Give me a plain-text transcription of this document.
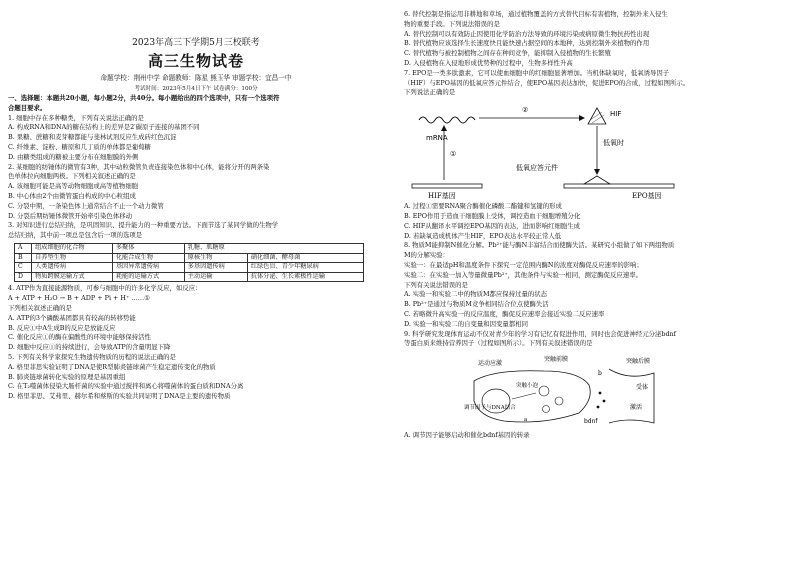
2023年高三下学期5月三校联考
高三生物试卷
命题学校：荆州中学 命题教师：陈星 熊玉华 审题学校：宜昌一中
考试时间：2023年5月4日下午 试卷满分：100分
一、选择题：本题共20小题，每小题2分，共40分。每小题给出的四个选项中，只有一个选项符
合题目要求。
1. 细胞中存在多种糖类，下列有关说法正确的是
A. 构成RNA和DNA的糖在结构上的差异是2′碳原子连接的基团不同
B. 果糖、蔗糖和麦芽糖都能与斐林试剂反应生成砖红色沉淀
C. 纤维素、淀粉、糖原和几丁质的单体都是葡萄糖
D. 由糖类组成的糖被主要分布在细胞膜的外侧
2. 某细胞的纺锤体的微管有3种，其中动粒微管负责连接染色体和中心体，能将分开的两条染
色单体拉向细胞两极。下列相关叙述正确的是
A. 该细胞可能是高等动物细胞或高等植物细胞
B. 中心体由2个由微管蛋白构成的中心粒组成
C. 分裂中期，一条染色体上通常结合不止一个动力微管
D. 分裂后期纺锤体微管开始牵引染色体移动
3. 对知识进行总结归纳，是巩固知识、提升能力的一种重要方法。下面节选了某同学做的生物学
总结归纳，其中前一项总是包含后一项的选项是
A	组成细胞的化合物	多聚体	乳糖、肌糖原	
B	自养型生物	化能合成生物	原核生物	硝化细菌、酵母菌
C	人类遗传病	基因异常遗传病	多基因遗传病	红绿色盲、青少年糖尿病
D	物质跨膜运输方式	耗能的运输方式	主动运输	抗体分泌、生长素极性运输
4. ATP作为直接能源物质，可参与细胞中的许多化学反应，如反应：
A + ATP + H₂O → B + ADP + Pi + H⁺ ……①
下列相关叙述正确的是
A. ATP的3个磷酸基团都具有较高的转移势能
B. 反应①中A生成B的反应是放能反应
C. 催化反应①的酶在偏酸性的环境中能够保持活性
D. 细胞中反应①的持续进行，会导致ATP的含量明显下降
5. 下列有关科学家探究生物遗传物质的历程的说法正确的是
A. 格里菲思实验证明了DNA是使R型肺炎链球菌产生稳定遗传变化的物质
B. 肺炎链球菌转化实验的原理是基因重组
C. 在T₂噬菌体侵染大肠杆菌的实验中通过搅拌和离心将噬菌体的蛋白质和DNA分离
D. 格里菲思、艾弗里、赫尔希和蔡斯的实验共同证明了DNA是主要的遗传物质
6. 替代控制是指运用非耕地和草场，通过植物覆盖的方式替代目标有害植物，控制外来入侵生
物的重要手段。下列说法错误的是
A. 替代控制可以有效防止因使用化学防治方法导致的环境污染或病原微生物抗药性出现
B. 替代植物应该选择生长速度快且能快速占据空间的本地种，达到控制外来植物的作用
C. 替代植物与被控制植物之间存在种间竞争，能抑制入侵植物的生长繁殖
D. 入侵植物在入侵地形成优势种的过程中，生物多样性升高
7. EPO是一类多肽激素，它可以使血细胞中的红细胞显著增加。当机体缺氧时，低氧诱导因子
（HIF）与EPO基因的低氧应答元件结合，使EPO基因表达加快，促进EPO的合成，过程如图所示。
下列说法正确的是
①
mRNA
②	HIF
低氧时
低氧应答元件
HIF基因	EPO基因
A. 过程①需要RNA聚合酶催化磷酸二酯键和氢键的形成
B. EPO作用于造血干细胞膜上受体，调控造血干细胞增殖分化
C. HIF从翻译水平调控EPO基因的表达，进而影响红细胞生成
D. 若缺氧造成机体产生HIF，EPO表达水平较正常人低
8. 物质M能抑制N催化分解。Pb²⁺能与酶N丰富结合而使酶失活。某研究小组做了如下两组物质
M的分解实验：
实验一：在最适pH和温度条件下探究一定范围内酶N的浓度对酶促反应速率的影响；
实验二：在实验一加入等量微量Pb²⁺，其他条件与实验一相同，测定酶促反应速率。
下列有关说法错误的是
A. 实验一和实验二中的物质M都应保持过量的状态
B. Pb²⁺是通过与物质M竞争相同结合位点使酶失活
C. 若略微升高实验一的反应温度，酶促反应速率会接近实验二反应速率
D. 实验一和实验二的自变量和因变量都相同
9. 科学研究发现体育运动不仅对青少年的学习有记忆有促进作用，同时也会促进神经元分泌bdnf
等蛋白质来维持营养因子（过程如图所示）。下列有关叙述错误的是
运动应激
调节因子与DNA结合
突触小泡
a
突触前膜	突触后膜
b
受体
激活
bdnf
A. 调节因子能够启动和催化bdnf基因的转录
